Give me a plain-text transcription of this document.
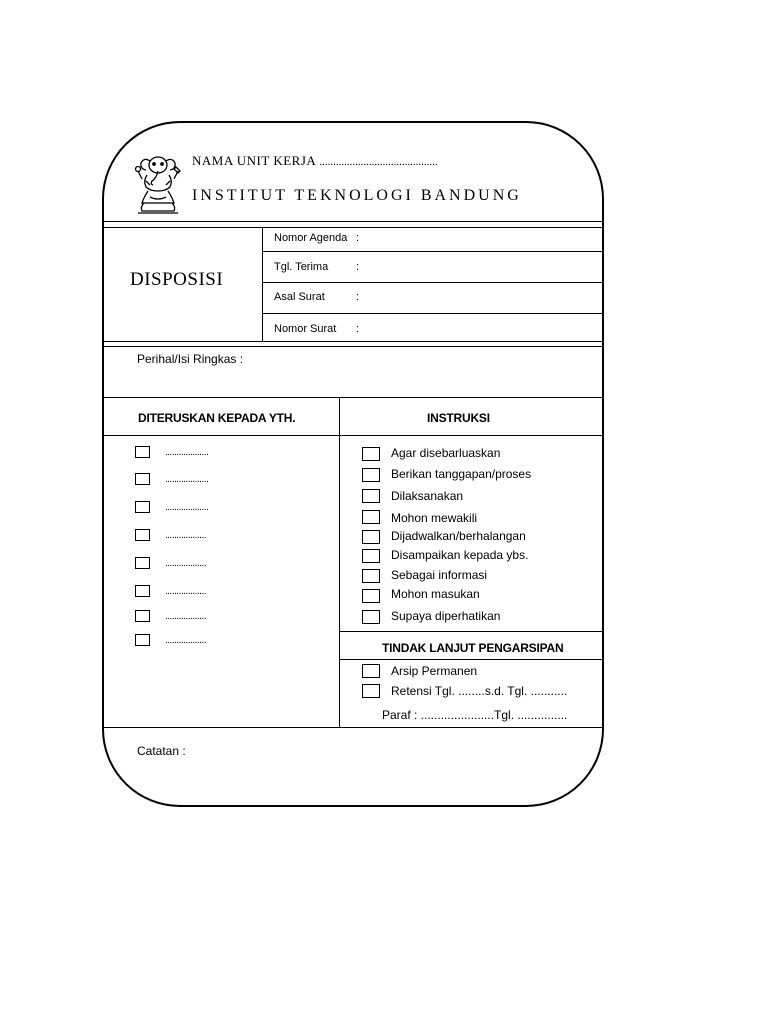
NAMA UNIT KERJA ...........................................
INSTITUT TEKNOLOGI BANDUNG
DISPOSISI
Nomor Agenda :
Tgl. Terima	:
Asal Surat	:
Nomor Surat :
Perihal/Isi Ringkas :
DITERUSKAN KEPADA YTH.	INSTRUKSI
...................
...................
...................
..................
..................
..................
..................
..................
Agar disebarluaskan
Berikan tanggapan/proses
Dilaksanakan
Mohon mewakili
Dijadwalkan/berhalangan
Disampaikan kepada ybs.
Sebagai informasi
Mohon masukan
Supaya diperhatikan
TINDAK LANJUT PENGARSIPAN
Arsip Permanen
Retensi Tgl. ........s.d. Tgl. ...........
Paraf : ......................Tgl. ...............
Catatan :
